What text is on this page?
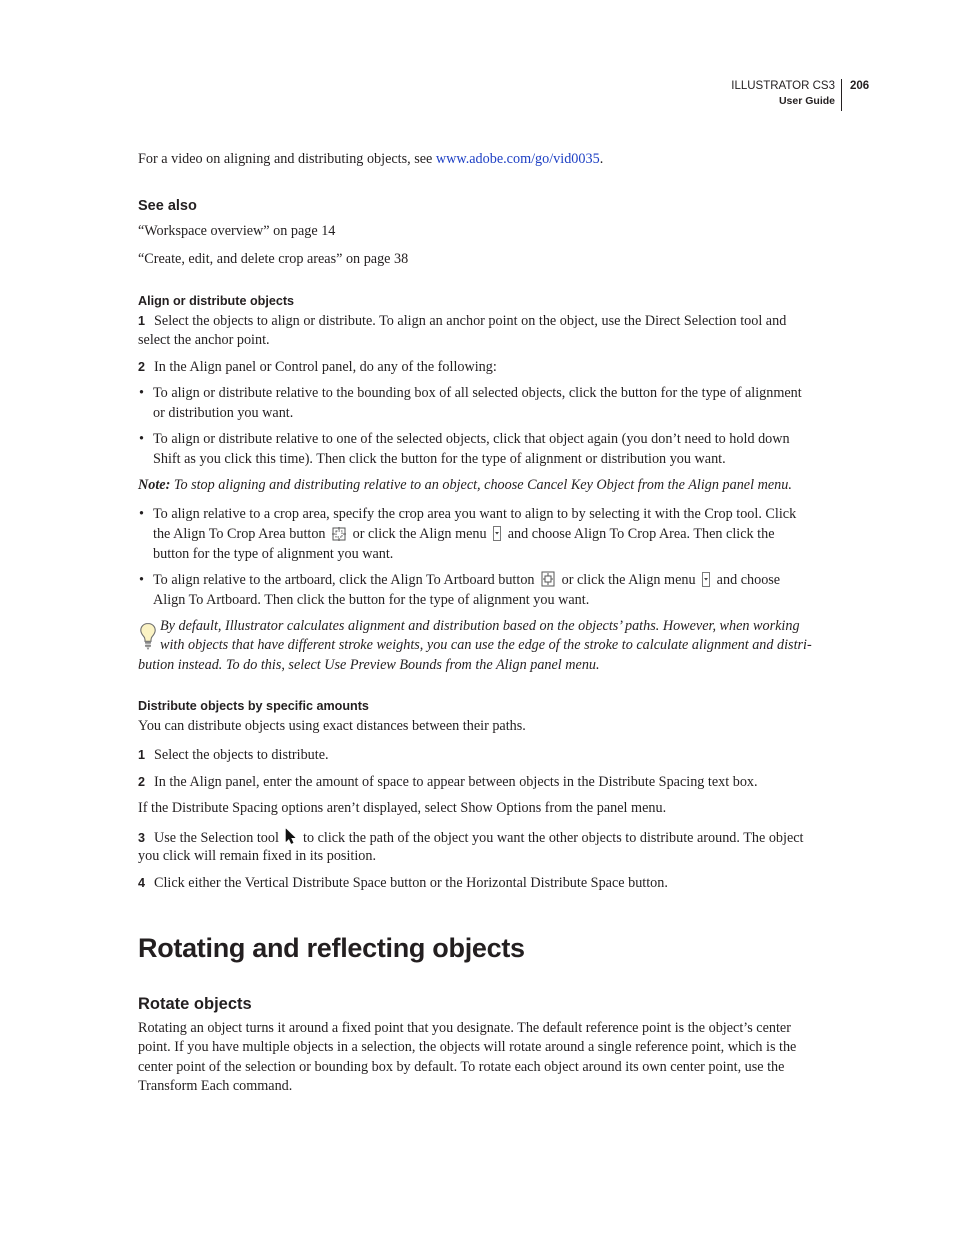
ILLUSTRATOR CS3
User Guide
206
For a video on aligning and distributing objects, see www.adobe.com/go/vid0035.
See also
“Workspace overview” on page 14
“Create, edit, and delete crop areas” on page 38
Align or distribute objects
1 Select the objects to align or distribute. To align an anchor point on the object, use the Direct Selection tool and
select the anchor point.
2 In the Align panel or Control panel, do any of the following:
• To align or distribute relative to the bounding box of all selected objects, click the button for the type of alignment
or distribution you want.
• To align or distribute relative to one of the selected objects, click that object again (you don’t need to hold down
Shift as you click this time). Then click the button for the type of alignment or distribution you want.
Note: To stop aligning and distributing relative to an object, choose Cancel Key Object from the Align panel menu.
• To align relative to a crop area, specify the crop area you want to align to by selecting it with the Crop tool. Click
the Align To Crop Area button or click the Align menu and choose Align To Crop Area. Then click the
button for the type of alignment you want.
• To align relative to the artboard, click the Align To Artboard button or click the Align menu and choose
Align To Artboard. Then click the button for the type of alignment you want.
By default, Illustrator calculates alignment and distribution based on the objects’ paths. However, when working
with objects that have different stroke weights, you can use the edge of the stroke to calculate alignment and distri-
bution instead. To do this, select Use Preview Bounds from the Align panel menu.
Distribute objects by specific amounts
You can distribute objects using exact distances between their paths.
1 Select the objects to distribute.
2 In the Align panel, enter the amount of space to appear between objects in the Distribute Spacing text box.
If the Distribute Spacing options aren’t displayed, select Show Options from the panel menu.
3 Use the Selection tool to click the path of the object you want the other objects to distribute around. The object
you click will remain fixed in its position.
4 Click either the Vertical Distribute Space button or the Horizontal Distribute Space button.
Rotating and reflecting objects
Rotate objects
Rotating an object turns it around a fixed point that you designate. The default reference point is the object’s center
point. If you have multiple objects in a selection, the objects will rotate around a single reference point, which is the
center point of the selection or bounding box by default. To rotate each object around its own center point, use the
Transform Each command.
